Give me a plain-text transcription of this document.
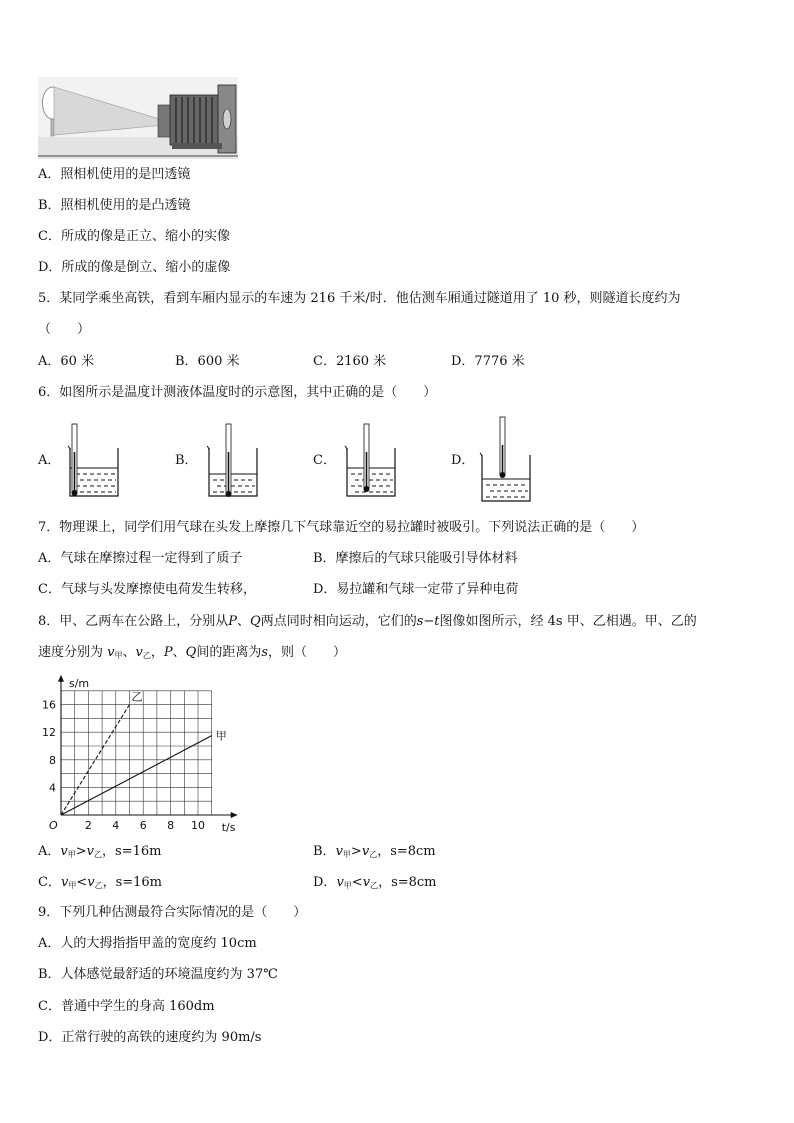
A．照相机使用的是凹透镜
B．照相机使用的是凸透镜
C．所成的像是正立、缩小的实像
D．所成的像是倒立、缩小的虚像
5．某同学乘坐高铁，看到车厢内显示的车速为 216 千米/时．他估测车厢通过隧道用了 10 秒，则隧道长度约为
（　　）
A．60 米	B．600 米	C．2160 米	D．7776 米
6．如图所示是温度计测液体温度时的示意图，其中正确的是（　　）
A．	B．	C．	D．
7．物理课上，同学们用气球在头发上摩擦几下气球靠近空的易拉罐时被吸引。下列说法正确的是（　　）
A．气球在摩擦过程一定得到了质子	B．摩擦后的气球只能吸引导体材料
C．气球与头发摩擦使电荷发生转移，	D．易拉罐和气球一定带了异种电荷
8．甲、乙两车在公路上，分别从P、Q两点同时相向运动，它们的s−t图像如图所示，经 4s 甲、乙相遇。甲、乙的
速度分别为 $v_甲$、$v_乙$，P、Q间的距离为s，则（　　）
2 4 6 8 10
4
8
12
16
O	t/s
s/m
乙
甲
A．$v_甲>v_乙$，s=16m	B．$v_甲>v_乙$，s=8cm
C．$v_甲<v_乙$，s=16m	D．$v_甲<v_乙$，s=8cm
9．下列几种估测最符合实际情况的是（　　）
A．人的大拇指指甲盖的宽度约 10cm
B．人体感觉最舒适的环境温度约为 37℃
C．普通中学生的身高 160dm
D．正常行驶的高铁的速度约为 90m/s
